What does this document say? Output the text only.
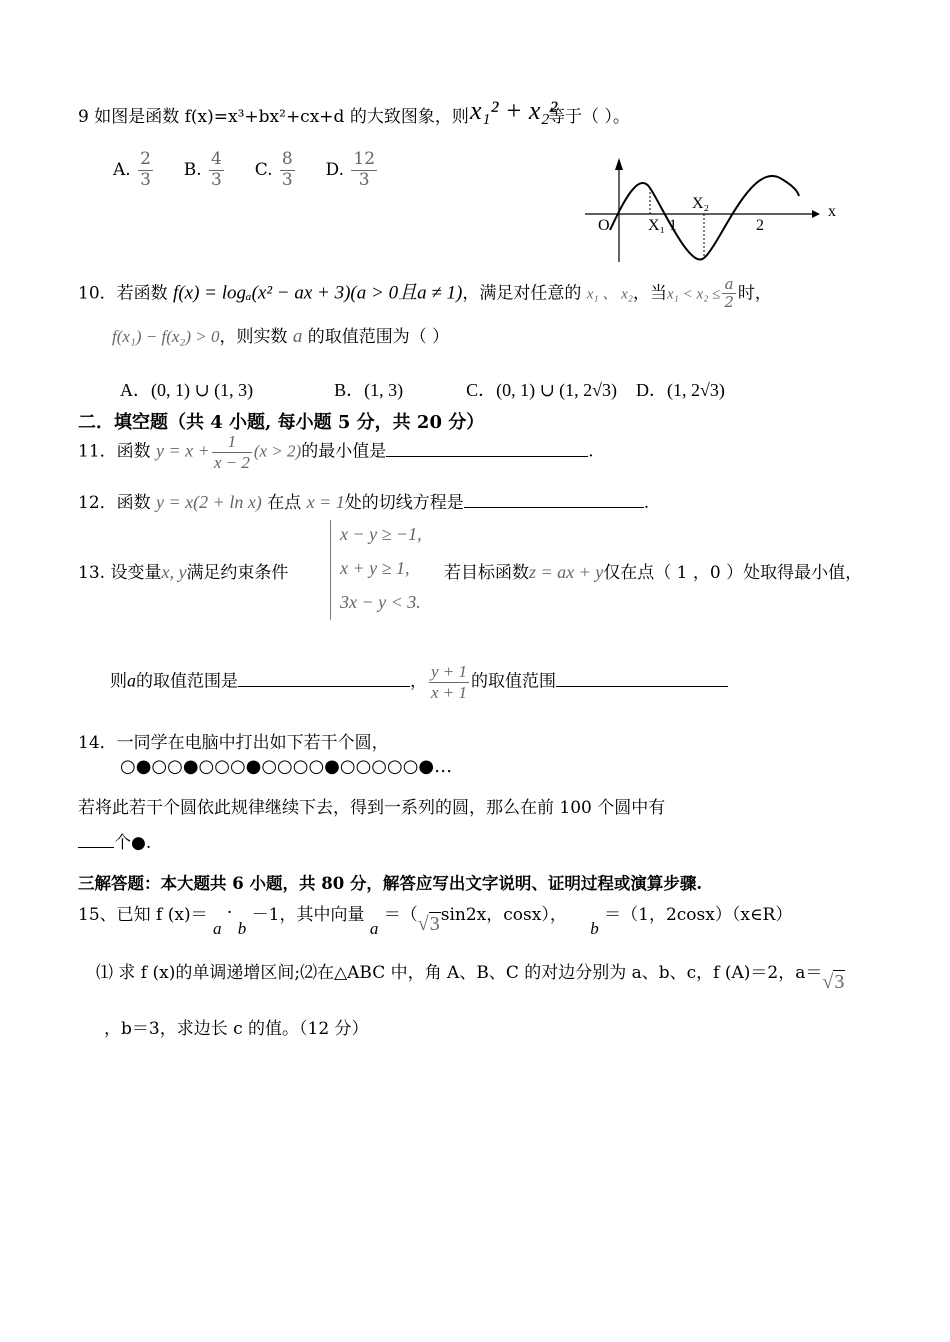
9 如图是函数 f(x)=x³+bx²+cx+d 的大致图象，则 x₁² + x₂²
等于（ ）。
A. $\frac{2}{3} B$. $\frac{4}{3} C$. $\frac{8}{3} D$. $\frac{12}{3}$
O X₁ 1
X₂
2
x
10．若函数 f(x) = logₐ(x² − ax + 3)(a > 0且a ≠ 1)，满足对任意的 x₁ 、 x₂，当$x_1 < x_2 \le \frac{a}{2}$ 时，
f(x₁) − f(x₂) > 0，则实数 a 的取值范围为（ ）
A．(0, 1) ∪ (1, 3)	B．(1, 3)	C．(0, 1) ∪ (1, 2√3) D．(1, 2√3)
二．填空题（共 4 小题, 每小题 5 分，共 20 分）
11．函数 $y = x + \frac{1}{x - 2} (x > 2)$的最小值是	.
12．函数 y = x(2 + ln x) 在点 x = 1处的切线方程是	.
13. 设变量x, y满足约束条件
x − y ≥ −1,
x + y ≥ 1,
3x − y < 3.
若目标函数z = ax + y仅在点（ 1 ，0 ）处取得最小值，
则a的取值范围是	， $\frac{y + 1}{x + 1}$ 的取值范围
14．一同学在电脑中打出如下若干个圆，
○●○○●○○○●○○○○●○○○○○●…
若将此若干个圆依此规律继续下去，得到一系列的圆，那么在前 100 个圆中有
个●.
三解答题：本大题共 6 小题，共 80 分，解答应写出文字说明、证明过程或演算步骤.
15、已知 f (x)＝ a · b －1，其中向量 a ＝（√3sin2x，cosx）， b ＝（1，2cosx）（x∈R）
⑴ 求 f (x)的单调递增区间;⑵在△ABC 中，角 A、B、C 的对边分别为 a、b、c，f (A)＝2，a＝√3
，b＝3，求边长 c 的值。（12 分）
